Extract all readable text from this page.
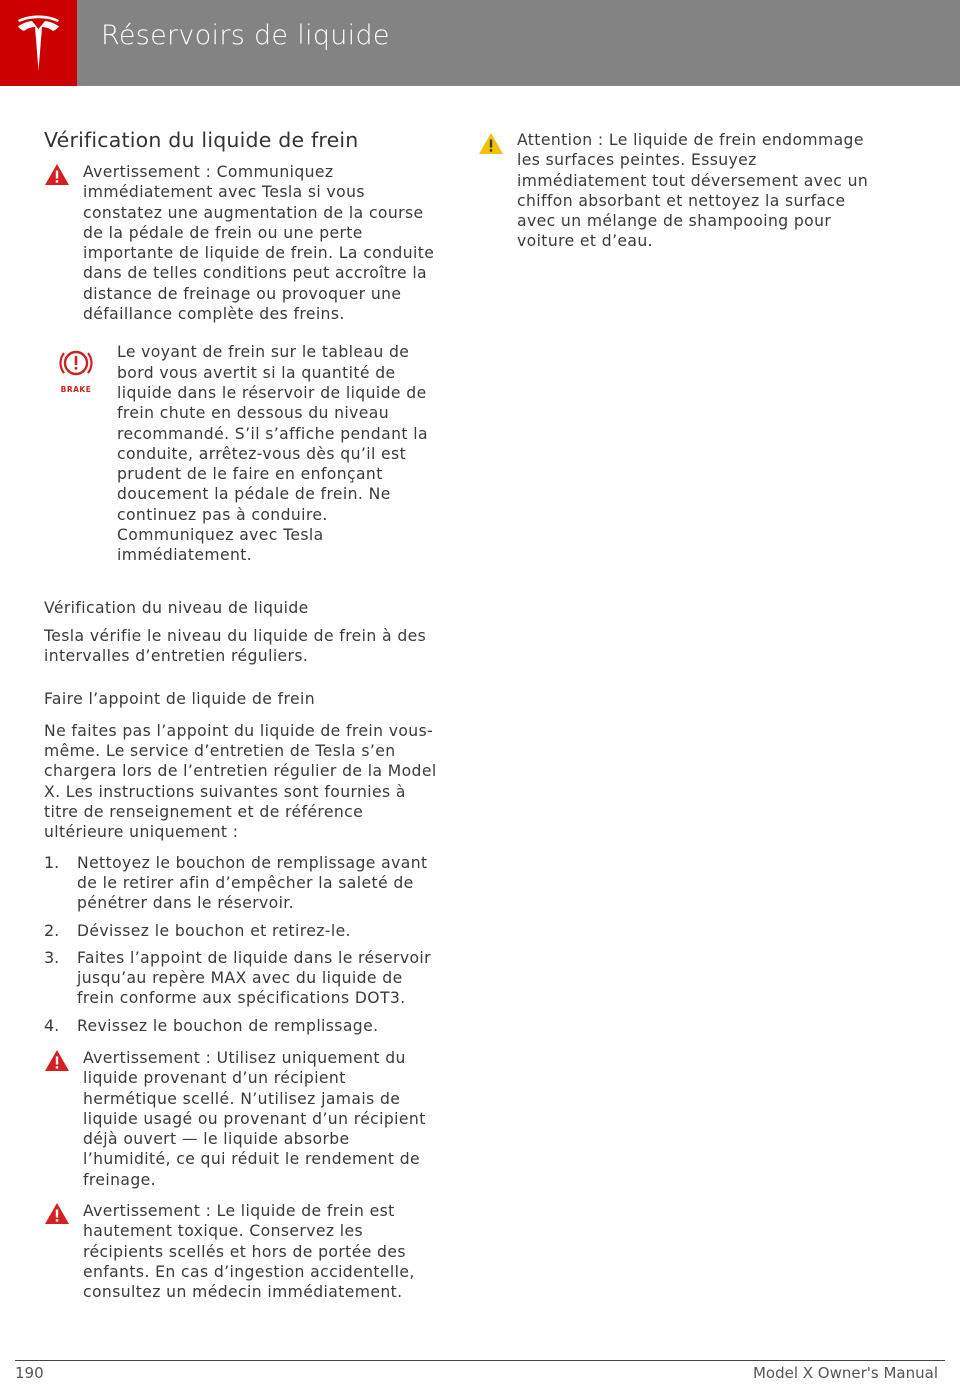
Réservoirs de liquide
Vérification du liquide de frein

Avertissement : Communiquez immédiatement avec Tesla si vous constatez une augmentation de la course de la pédale de frein ou une perte importante de liquide de frein. La conduite dans de telles conditions peut accroître la distance de freinage ou provoquer une défaillance complète des freins.

BRAKE

Le voyant de frein sur le tableau de bord vous avertit si la quantité de liquide dans le réservoir de liquide de frein chute en dessous du niveau recommandé. S’il s’affiche pendant la conduite, arrêtez-vous dès qu’il est prudent de le faire en enfonçant doucement la pédale de frein. Ne continuez pas à conduire. Communiquez avec Tesla immédiatement.

Vérification du niveau de liquide

Tesla vérifie le niveau du liquide de frein à des intervalles d’entretien réguliers.

Faire l’appoint de liquide de frein

Ne faites pas l’appoint du liquide de frein vous-même. Le service d’entretien de Tesla s’en chargera lors de l’entretien régulier de la Model X. Les instructions suivantes sont fournies à titre de renseignement et de référence ultérieure uniquement :

1. Nettoyez le bouchon de remplissage avant de le retirer afin d’empêcher la saleté de pénétrer dans le réservoir.
2. Dévissez le bouchon et retirez-le.
3. Faites l’appoint de liquide dans le réservoir jusqu’au repère MAX avec du liquide de frein conforme aux spécifications DOT3.
4. Revissez le bouchon de remplissage.

Avertissement : Utilisez uniquement du liquide provenant d’un récipient hermétique scellé. N’utilisez jamais de liquide usagé ou provenant d’un récipient déjà ouvert — le liquide absorbe l’humidité, ce qui réduit le rendement de freinage.

Avertissement : Le liquide de frein est hautement toxique. Conservez les récipients scellés et hors de portée des enfants. En cas d’ingestion accidentelle, consultez un médecin immédiatement.

Attention : Le liquide de frein endommage les surfaces peintes. Essuyez immédiatement tout déversement avec un chiffon absorbant et nettoyez la surface avec un mélange de shampooing pour voiture et d’eau.

190	Model X Owner's Manual
